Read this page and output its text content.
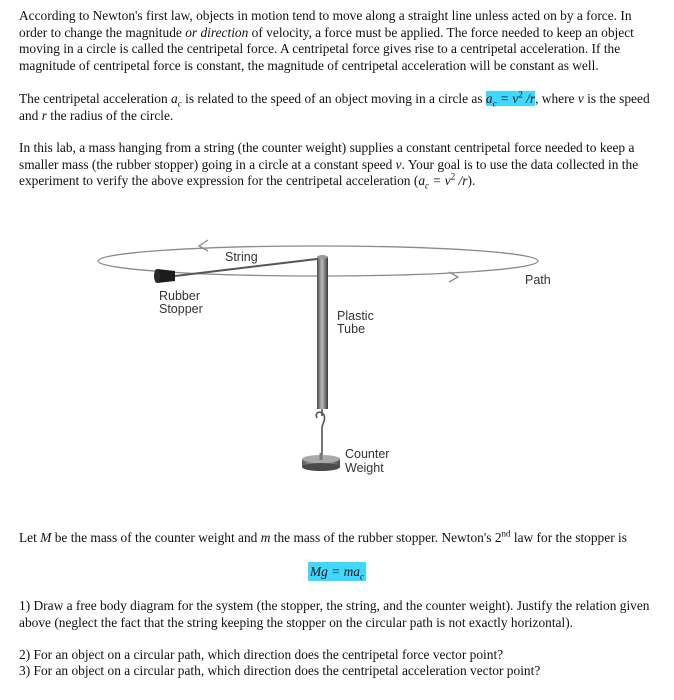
According to Newton's first law, objects in motion tend to move along a straight line unless acted on by a force. In order to change the magnitude or direction of velocity, a force must be applied. The force needed to keep an object moving in a circle is called the centripetal force. A centripetal force gives rise to a centripetal acceleration. If the magnitude of centripetal force is constant, the magnitude of centripetal acceleration will be constant as well.

The centripetal acceleration $a_c$ is related to the speed of an object moving in a circle as $a_c = v^2$ /r, where v is the speed and r the radius of the circle.

In this lab, a mass hanging from a string (the counter weight) supplies a constant centripetal force needed to keep a smaller mass (the rubber stopper) going in a circle at a constant speed v. Your goal is to use the data collected in the experiment to verify the above expression for the centripetal acceleration ($a_c = v^2$ /r).

String
Path
Rubber
Stopper	Plastic
Tube
Counter
Weight

Let M be the mass of the counter weight and m the mass of the rubber stopper. Newton's 2nd law for the stopper is

$Mg = ma_c$

1) Draw a free body diagram for the system (the stopper, the string, and the counter weight). Justify the relation given above (neglect the fact that the string keeping the stopper on the circular path is not exactly horizontal).

2) For an object on a circular path, which direction does the centripetal force vector point?

3) For an object on a circular path, which direction does the centripetal acceleration vector point?
